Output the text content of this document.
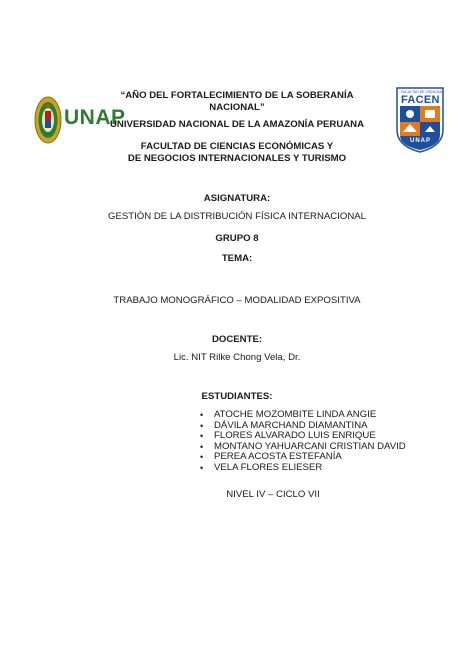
UNAP
FACULTAD DE CIENCIAS
FACEN
UNAP
“AÑO DEL FORTALECIMIENTO DE LA SOBERANÍA
NACIONAL”
UNIVERSIDAD NACIONAL DE LA AMAZONÍA PERUANA
FACULTAD DE CIENCIAS ECONÓMICAS Y
DE NEGOCIOS INTERNACIONALES Y TURISMO
ASIGNATURA:
GESTIÓN DE LA DISTRIBUCIÓN FÍSICA INTERNACIONAL
GRUPO 8
TEMA:
TRABAJO MONOGRÁFICO – MODALIDAD EXPOSITIVA
DOCENTE:
Lic. NIT Rilke Chong Vela, Dr.
ESTUDIANTES:
• ATOCHE MOZOMBITE LINDA ANGIE
• DÁVILA MARCHAND DIAMANTINA
• FLORES ALVARADO LUIS ENRIQUE
• MONTANO YAHUARCANI CRISTIAN DAVID
• PEREA ACOSTA ESTEFANÍA
• VELA FLORES ELIESER
NIVEL IV – CICLO VII
